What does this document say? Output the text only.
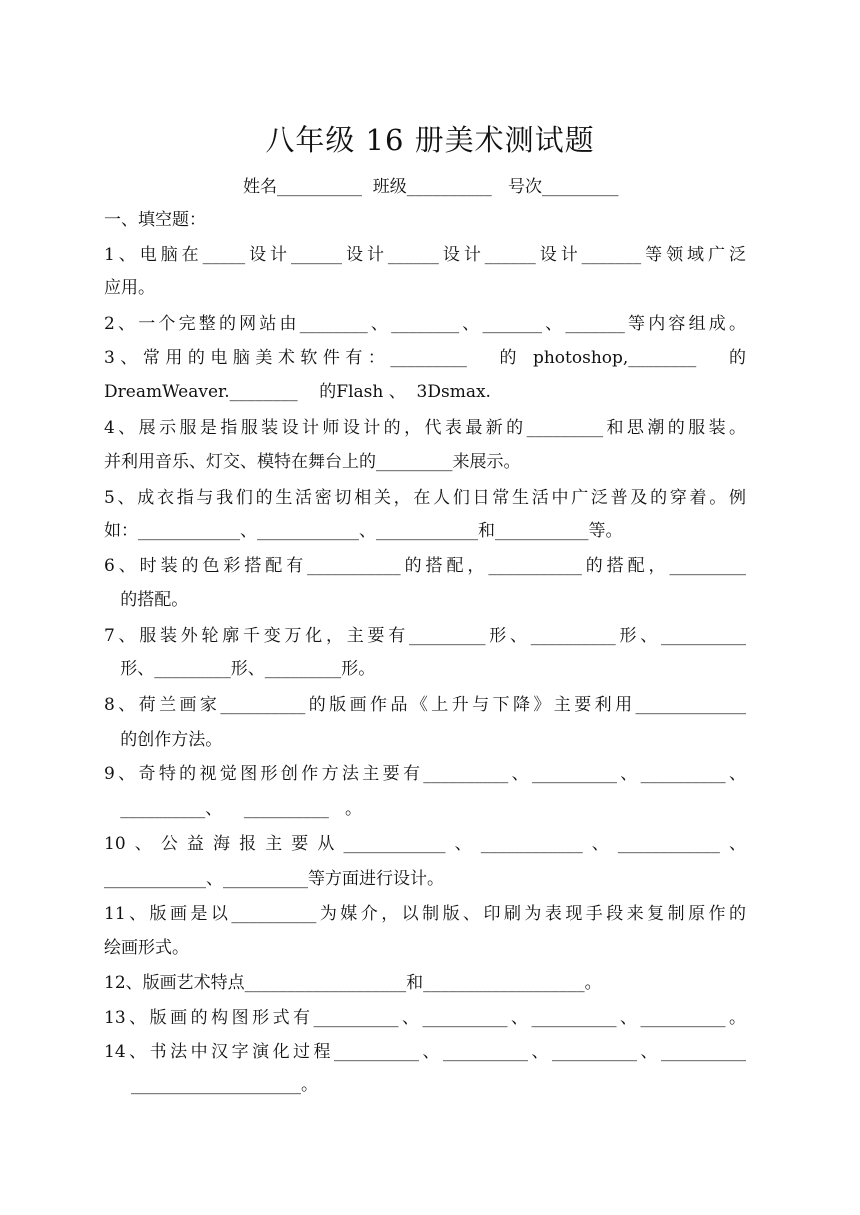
八年级 16 册美术测试题
姓名__________  班级__________   号次_________
一、填空题：
1、电脑在_____设计______设计______设计______设计_______等领域广泛
应用。
2、一个完整的网站由________、________、_______、_______等内容组成。
3、常用的电脑美术软件有：_________   的 photoshop,________   的
DreamWeaver.________    的Flash 、  3Dsmax.
4、展示服是指服装设计师设计的，代表最新的_________和思潮的服装。
并利用音乐、灯交、模特在舞台上的_________来展示。
5、成衣指与我们的生活密切相关，在人们日常生活中广泛普及的穿着。例
如：____________、____________、____________和___________等。
6、时装的色彩搭配有___________的搭配，___________的搭配，_________
的搭配。
7、服装外轮廓千变万化，主要有_________形、__________形、__________
形、_________形、_________形。
8、荷兰画家__________的版画作品《上升与下降》主要利用_____________
的创作方法。
9、奇特的视觉图形创作方法主要有__________、__________、__________、
__________、    __________   。
10、公益海报主要从____________、____________、____________、
____________、__________等方面进行设计。
11、版画是以__________为媒介，以制版、印刷为表现手段来复制原作的
绘画形式。
12、版画艺术特点___________________和___________________。
13、版画的构图形式有__________、__________、__________、__________。
14、书法中汉字演化过程__________、__________、__________、__________
____________________。
